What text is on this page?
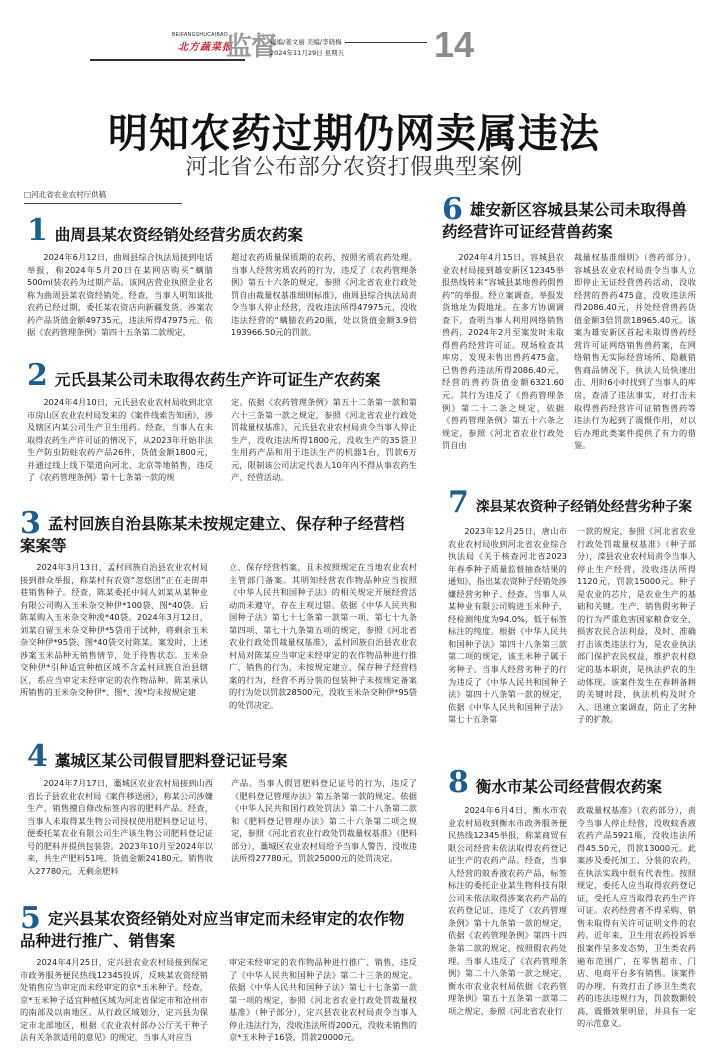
BEIFANGSHUCAIBAO
北方蔬菜报
监督
责编/姜文丽 美编/李晓梅
2024年11月29日 星期五 14
明知农药过期仍网卖属违法
河北省公布部分农资打假典型案例
□河北省农业农村厅供稿
1 曲周县某农资经销处经营劣质农药案

2024年6月12日，曲周县综合执法局接到电话举报，称2024年5月20日在某网店购买“螨腈500ml装农药为过期产品。该网店营业执照企业名称为曲周县某农资经销处。经查，当事人明知该批农药已经过期，委托某农资店向新疆发货。涉案农药产品货值金额49735元，违法所得47975元。依据《农药管理条例》第四十五条第二款规定，

超过农药质量保质期的农药，按照劣质农药处理。当事人经营劣质农药的行为，违反了《农药管理条例》第五十六条的规定，参照《河北省农业行政处罚自由裁量权基准细则标准》，曲周县综合执法局责令当事人停止经营，没收违法所得47975元，没收违法经营的“螨腈农药20瓶，处以货值金额3.9倍193966.50元的罚款。

2 元氏县某公司未取得农药生产许可证生产农药案

2024年4月10日，元氏县农业农村局收到北京市房山区农业农村局发来的《案件线索告知函》，涉及辖区内某公司生产卫生用药。经查，当事人在未取得农药生产许可证的情况下，从2023年开始非法生产防虫防蛀农药产品26件，货值金额1800元，并通过线上线下渠道向河北、北京等地销售，违反了《农药管理条例》第十七条第一款的规

定。依据《农药管理条例》第五十二条第一款和第六十三条第一款之规定，参照《河北省农业行政处罚裁量权基准》，元氏县农业农村局责令当事人停止生产，没收违法所得1800元，没收生产的35袋卫生用药产品和用于违法生产的机器1台，罚款6万元，限制该公司法定代表人10年内不得从事农药生产、经营活动。

3 孟村回族自治县陈某未按规定建立、保存种子经营档案案等

2024年3月13日，孟村回族自治县农业农村局接到群众举报，称某村有农资“忽悠团”正在走街串巷销售种子。经查，陈某委托中间人刘某从某种业有限公司购入玉米杂交种伊*100袋、图*40袋。后陈某购入玉米杂交种浚*40袋。2024年3月12日，刘某自留玉米杂交种伊*5袋用于试种，将剩余玉米杂交种伊*95袋、图*40袋交付陈某。案发时，上述涉案玉米品种无销售情节，处于待售状态。玉米杂交种伊*引种适宜种植区域不含孟村回族自治县辖区，系应当审定未经审定的农作物品种。陈某承认所销售的玉米杂交种伊*、图*、浚*均未按规定建

立、保存经营档案，且未按照规定在当地农业农村主管部门备案。其明知经营农作物品种应当按照《中华人民共和国种子法》的相关规定开展经营活动而未遵守，存在主观过错。依据《中华人民共和国种子法》第七十七条第一款第一项、第七十九条第四项、第七十九条第五项的规定，参照《河北省农业行政处罚裁量权基准》，孟村回族自治县农业农村局对陈某应当审定未经审定的农作物品种进行推广、销售的行为，未按规定建立、保存种子经营档案的行为，经营不再分装的包装种子未按规定备案的行为处以罚款28500元，没收玉米杂交种伊*95袋的处罚决定。

4 藁城区某公司假冒肥料登记证号案

2024年7月17日，藁城区农业农村局接到山西省长子县农业农村局《案件移送函》，称某公司涉嫌生产、销售擅自修改标签内容的肥料产品。经查，当事人未取得某生物公司授权使用肥料登记证号，便委托某农业有限公司生产该生物公司肥料登记证号的肥料并提供包装袋。2023年10月至2024年以来，共生产肥料51吨、货值金额24180元，销售收入27780元，无剩余肥料

产品。当事人假冒肥料登记证号的行为，违反了《肥料登记管理办法》第五条第一款的规定。依据《中华人民共和国行政处罚法》第二十八条第二款和《肥料登记管理办法》第二十六条第二项之规定，参照《河北省农业行政处罚裁量权基准》（肥料部分），藁城区农业农村局给予当事人警告，没收违法所得27780元，罚款25000元的处罚决定。

5 定兴县某农资经销处对应当审定而未经审定的农作物品种进行推广、销售案

2024年4月25日，定兴县农业农村局接到保定市政务服务便民热线12345投诉，反映某农资经销处销售应当审定而未经审定的京*玉米种子。经查，京*玉米种子适宜种植区域为河北省保定市和沧州市的南部及以南地区。从行政区域划分，定兴县为保定市北部地区，根据《农业农村部办公厅关于种子法有关条款适用的意见》的规定，当事人对应当

审定未经审定的农作物品种进行推广、销售，违反了《中华人民共和国种子法》第二十三条的规定。依据《中华人民共和国种子法》第七十七条第一款第一项的规定，参照《河北省农业行政处罚裁量权基准》（种子部分），定兴县农业农村局责令当事人停止违法行为，没收违法所得200元，没收未销售的京*玉米种子16袋，罚款20000元。

6 雄安新区容城县某公司未取得兽药经营许可证经营兽药案

2024年4月15日，容城县农业农村局接到雄安新区12345举报热线转来“容城县某地兽药假兽药”的举报。经立案调查，举报发货地址为假地址。在多方协调调查下，查明当事人利用网络销售兽药，2024年2月至案发时未取得兽药经营许可证。现场检查其库房，发现未售出兽药475盒，已售兽药违法所得2086.40元，经营的兽药货值金额6321.60元。其行为违反了《兽药管理条例》第二十二条之规定，依据《兽药管理条例》第五十六条之规定，参照《河北省农业行政处罚自由

裁量权基准细则》（兽药部分），容城县农业农村局责令当事人立即停止无证经营兽药活动，没收经营的兽药475盒，没收违法所得2086.40元，并处经营兽药货值金额3倍罚款18965.40元。该案为雄安新区首起未取得兽药经营许可证网络销售兽药案，在网络销售无实际经营场所、隐蔽销售商品情况下，执法人员快速出击、用时6小时找到了当事人的库房，查清了违法事实，对打击未取得兽药经营许可证销售兽药等违法行为起到了震慑作用，对以后办理此类案件提供了有力的借鉴。

7 滦县某农资种子经销处经营劣种子案

2023年12月25日，唐山市农业农村局收到河北省农业综合执法局《关于核查河北省2023年春季种子质量监督抽查结果的通知》，指出某农资种子经销处涉嫌经营劣种子。经查，当事人从某种业有限公司购进玉米种子，经检测纯度为94.0%，低于标签标注的纯度。根据《中华人民共和国种子法》第四十八条第三款第二项的规定，该玉米种子属于劣种子。当事人经营劣种子的行为违反了《中华人民共和国种子法》第四十八条第一款的规定，依据《中华人民共和国种子法》第七十五条第

一款的规定，参照《河北省农业行政处罚裁量权基准》（种子部分），滦县农业农村局责令当事人停止生产经营，没收违法所得1120元，罚款15000元。种子是农业的芯片，是农业生产的基础和关键。生产、销售假劣种子的行为严重危害国家粮食安全、损害农民合法利益，及时、准确打击该类违法行为，是农业执法部门保护农民权益，维护农村稳定的基本职责，是执法护农的生动体现。该案件发生在春耕备耕的关键时段，执法机构及时介入、迅速立案调查，防止了劣种子的扩散。

8 衡水市某公司经营假农药案

2024年6月4日，衡水市农业农村局收到衡水市政务服务便民热线12345举报，称某商贸有限公司经营未依法取得农药登记证生产的农药产品。经查，当事人经营的蚊香液农药产品，标签标注的委托企业某生物科技有限公司未依法取得涉案农药产品的农药登记证，违反了《农药管理条例》第十九条第一款的规定，依据《农药管理条例》第四十四条第二款的规定，按照假农药处理。当事人违反了《农药管理条例》第二十八条第一款之规定，衡水市农业农村局依据《农药管理条例》第五十五条第一款第二项之规定，参照《河北省农业行

政裁量权基准》（农药部分），责令当事人停止经营，没收蚊香液农药产品5921瓶，没收违法所得45.50元，罚款13000元。此案涉及委托加工、分装的农药，在执法实践中很有代表性。按照规定，委托人应当取得农药登记证，受托人应当取得农药生产许可证。农药经营者不得采购、销售未取得有关许可证明文件的农药。近年来，卫生用农药投诉举报案件呈多发态势，卫生类农药遍布范围广，在零售超市、门店、电商平台多有销售。该案件的办理，有效打击了涉卫生类农药的违法违规行为，罚款数额较高，震慑效果明显，并具有一定的示范意义。
